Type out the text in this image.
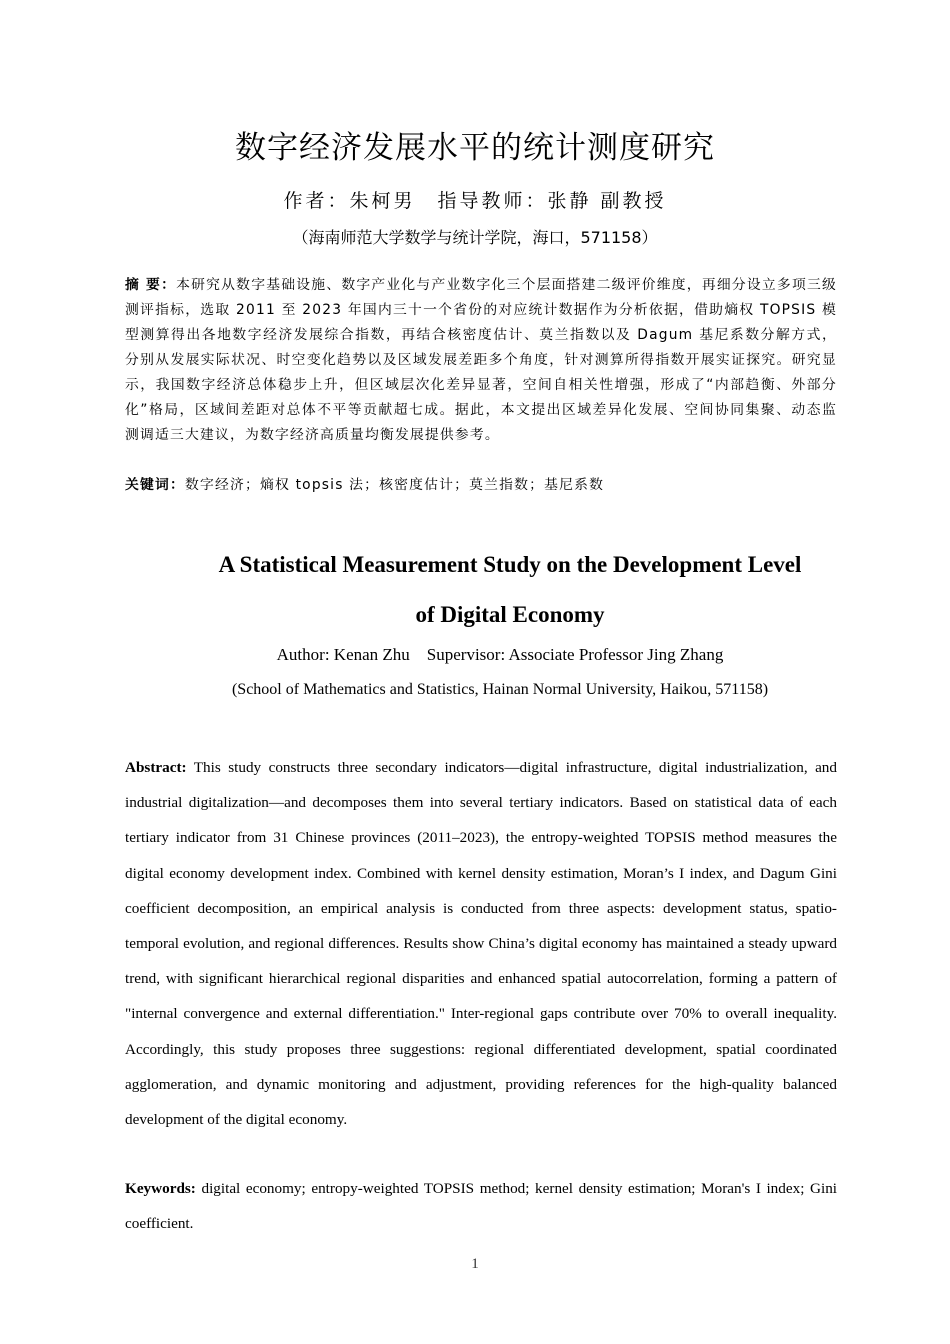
数字经济发展水平的统计测度研究
作者：朱柯男 指导教师：张静 副教授
（海南师范大学数学与统计学院，海口，571158）
摘 要：本研究从数字基础设施、数字产业化与产业数字化三个层面搭建二级评价维度，再细分设立多项三级测评指标，选取 2011 至 2023 年国内三十一个省份的对应统计数据作为分析依据，借助熵权 TOPSIS 模型测算得出各地数字经济发展综合指数，再结合核密度估计、莫兰指数以及 Dagum 基尼系数分解方式，分别从发展实际状况、时空变化趋势以及区域发展差距多个角度，针对测算所得指数开展实证探究。研究显示，我国数字经济总体稳步上升，但区域层次化差异显著，空间自相关性增强，形成了“内部趋衡、外部分化”格局，区域间差距对总体不平等贡献超七成。据此，本文提出区域差异化发展、空间协同集聚、动态监测调适三大建议，为数字经济高质量均衡发展提供参考。
关键词：数字经济；熵权 topsis 法；核密度估计；莫兰指数；基尼系数
A Statistical Measurement Study on the Development Level
of Digital Economy
Author: Kenan Zhu Supervisor: Associate Professor Jing Zhang
(School of Mathematics and Statistics, Hainan Normal University, Haikou, 571158)
Abstract: This study constructs three secondary indicators—digital infrastructure, digital industrialization, and industrial digitalization—and decomposes them into several tertiary indicators. Based on statistical data of each tertiary indicator from 31 Chinese provinces (2011–2023), the entropy-weighted TOPSIS method measures the digital economy development index. Combined with kernel density estimation, Moran’s I index, and Dagum Gini coefficient decomposition, an empirical analysis is conducted from three aspects: development status, spatio-temporal evolution, and regional differences. Results show China’s digital economy has maintained a steady upward trend, with significant hierarchical regional disparities and enhanced spatial autocorrelation, forming a pattern of "internal convergence and external differentiation." Inter-regional gaps contribute over 70% to overall inequality. Accordingly, this study proposes three suggestions: regional differentiated development, spatial coordinated agglomeration, and dynamic monitoring and adjustment, providing references for the high-quality balanced development of the digital economy.
Keywords: digital economy; entropy-weighted TOPSIS method; kernel density estimation; Moran's I index; Gini coefficient.
1
